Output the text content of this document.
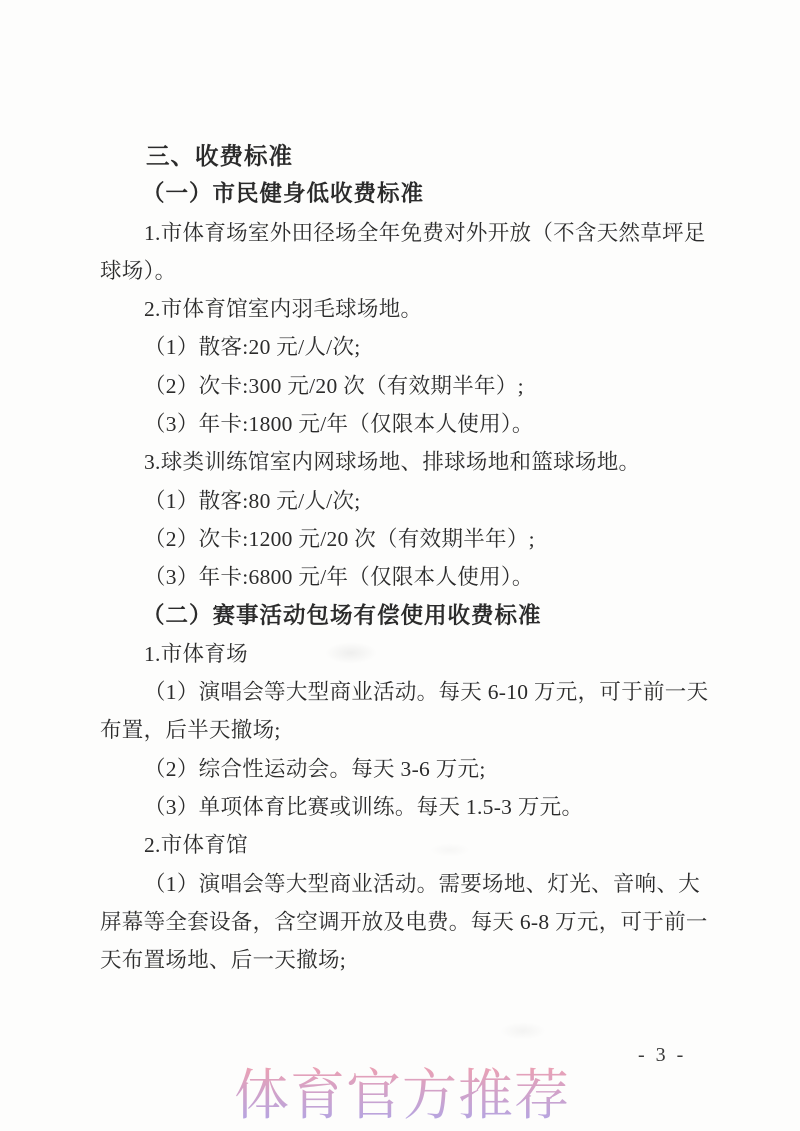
三、收费标准
（一）市民健身低收费标准
1.市体育场室外田径场全年免费对外开放（不含天然草坪足
球场）。
2.市体育馆室内羽毛球场地。
（1）散客:20 元/人/次;
（2）次卡:300 元/20 次（有效期半年）;
（3）年卡:1800 元/年（仅限本人使用）。
3.球类训练馆室内网球场地、排球场地和篮球场地。
（1）散客:80 元/人/次;
（2）次卡:1200 元/20 次（有效期半年）;
（3）年卡:6800 元/年（仅限本人使用）。
（二）赛事活动包场有偿使用收费标准
1.市体育场
（1）演唱会等大型商业活动。每天 6-10 万元，可于前一天
布置，后半天撤场;
（2）综合性运动会。每天 3-6 万元;
（3）单项体育比赛或训练。每天 1.5-3 万元。
2.市体育馆
（1）演唱会等大型商业活动。需要场地、灯光、音响、大
屏幕等全套设备，含空调开放及电费。每天 6-8 万元，可于前一
天布置场地、后一天撤场;
- 3 -
体育官方推荐
